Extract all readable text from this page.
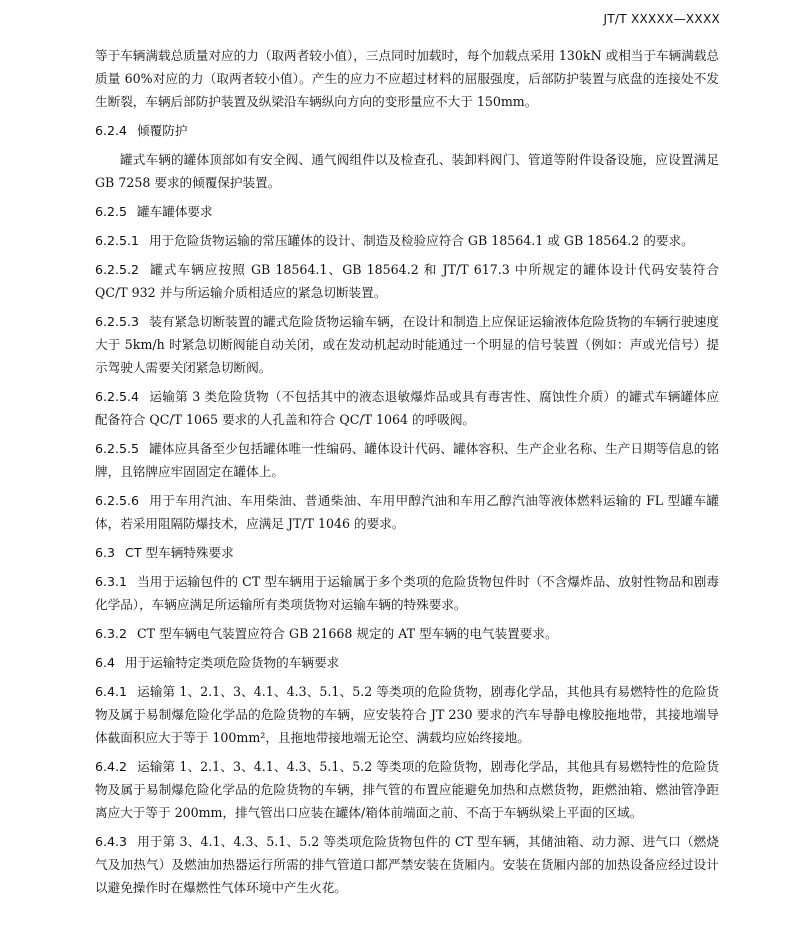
JT/T XXXXX—XXXX

等于车辆满载总质量对应的力（取两者较小值），三点同时加载时，每个加载点采用 130kN 或相当于车辆满载总质量 60%对应的力（取两者较小值）。产生的应力不应超过材料的屈服强度，后部防护装置与底盘的连接处不发生断裂，车辆后部防护装置及纵梁沿车辆纵向方向的变形量应不大于 150mm。

6.2.4 倾覆防护

罐式车辆的罐体顶部如有安全阀、通气阀组件以及检查孔、装卸料阀门、管道等附件设备设施，应设置满足 GB 7258 要求的倾覆保护装置。

6.2.5 罐车罐体要求

6.2.5.1 用于危险货物运输的常压罐体的设计、制造及检验应符合 GB 18564.1 或 GB 18564.2 的要求。

6.2.5.2 罐式车辆应按照 GB 18564.1、GB 18564.2 和 JT/T 617.3 中所规定的罐体设计代码安装符合 QC/T 932 并与所运输介质相适应的紧急切断装置。

6.2.5.3 装有紧急切断装置的罐式危险货物运输车辆，在设计和制造上应保证运输液体危险货物的车辆行驶速度大于 5km/h 时紧急切断阀能自动关闭，或在发动机起动时能通过一个明显的信号装置（例如：声或光信号）提示驾驶人需要关闭紧急切断阀。

6.2.5.4 运输第 3 类危险货物（不包括其中的液态退敏爆炸品或具有毒害性、腐蚀性介质）的罐式车辆罐体应配备符合 QC/T 1065 要求的人孔盖和符合 QC/T 1064 的呼吸阀。

6.2.5.5 罐体应具备至少包括罐体唯一性编码、罐体设计代码、罐体容积、生产企业名称、生产日期等信息的铭牌，且铭牌应牢固固定在罐体上。

6.2.5.6 用于车用汽油、车用柴油、普通柴油、车用甲醇汽油和车用乙醇汽油等液体燃料运输的 FL 型罐车罐体，若采用阻隔防爆技术，应满足 JT/T 1046 的要求。

6.3 CT 型车辆特殊要求

6.3.1 当用于运输包件的 CT 型车辆用于运输属于多个类项的危险货物包件时（不含爆炸品、放射性物品和剧毒化学品），车辆应满足所运输所有类项货物对运输车辆的特殊要求。

6.3.2 CT 型车辆电气装置应符合 GB 21668 规定的 AT 型车辆的电气装置要求。

6.4 用于运输特定类项危险货物的车辆要求

6.4.1 运输第 1、2.1、3、4.1、4.3、5.1、5.2 等类项的危险货物，剧毒化学品，其他具有易燃特性的危险货物及属于易制爆危险化学品的危险货物的车辆，应安装符合 JT 230 要求的汽车导静电橡胶拖地带，其接地端导体截面积应大于等于 100mm²，且拖地带接地端无论空、满载均应始终接地。

6.4.2 运输第 1、2.1、3、4.1、4.3、5.1、5.2 等类项的危险货物，剧毒化学品，其他具有易燃特性的危险货物及属于易制爆危险化学品的危险货物的车辆，排气管的布置应能避免加热和点燃货物，距燃油箱、燃油管净距离应大于等于 200mm，排气管出口应装在罐体/箱体前端面之前、不高于车辆纵梁上平面的区域。

6.4.3 用于第 3、4.1、4.3、5.1、5.2 等类项危险货物包件的 CT 型车辆，其储油箱、动力源、进气口（燃烧气及加热气）及燃油加热器运行所需的排气管道口都严禁安装在货厢内。安装在货厢内部的加热设备应经过设计以避免操作时在爆燃性气体环境中产生火花。
